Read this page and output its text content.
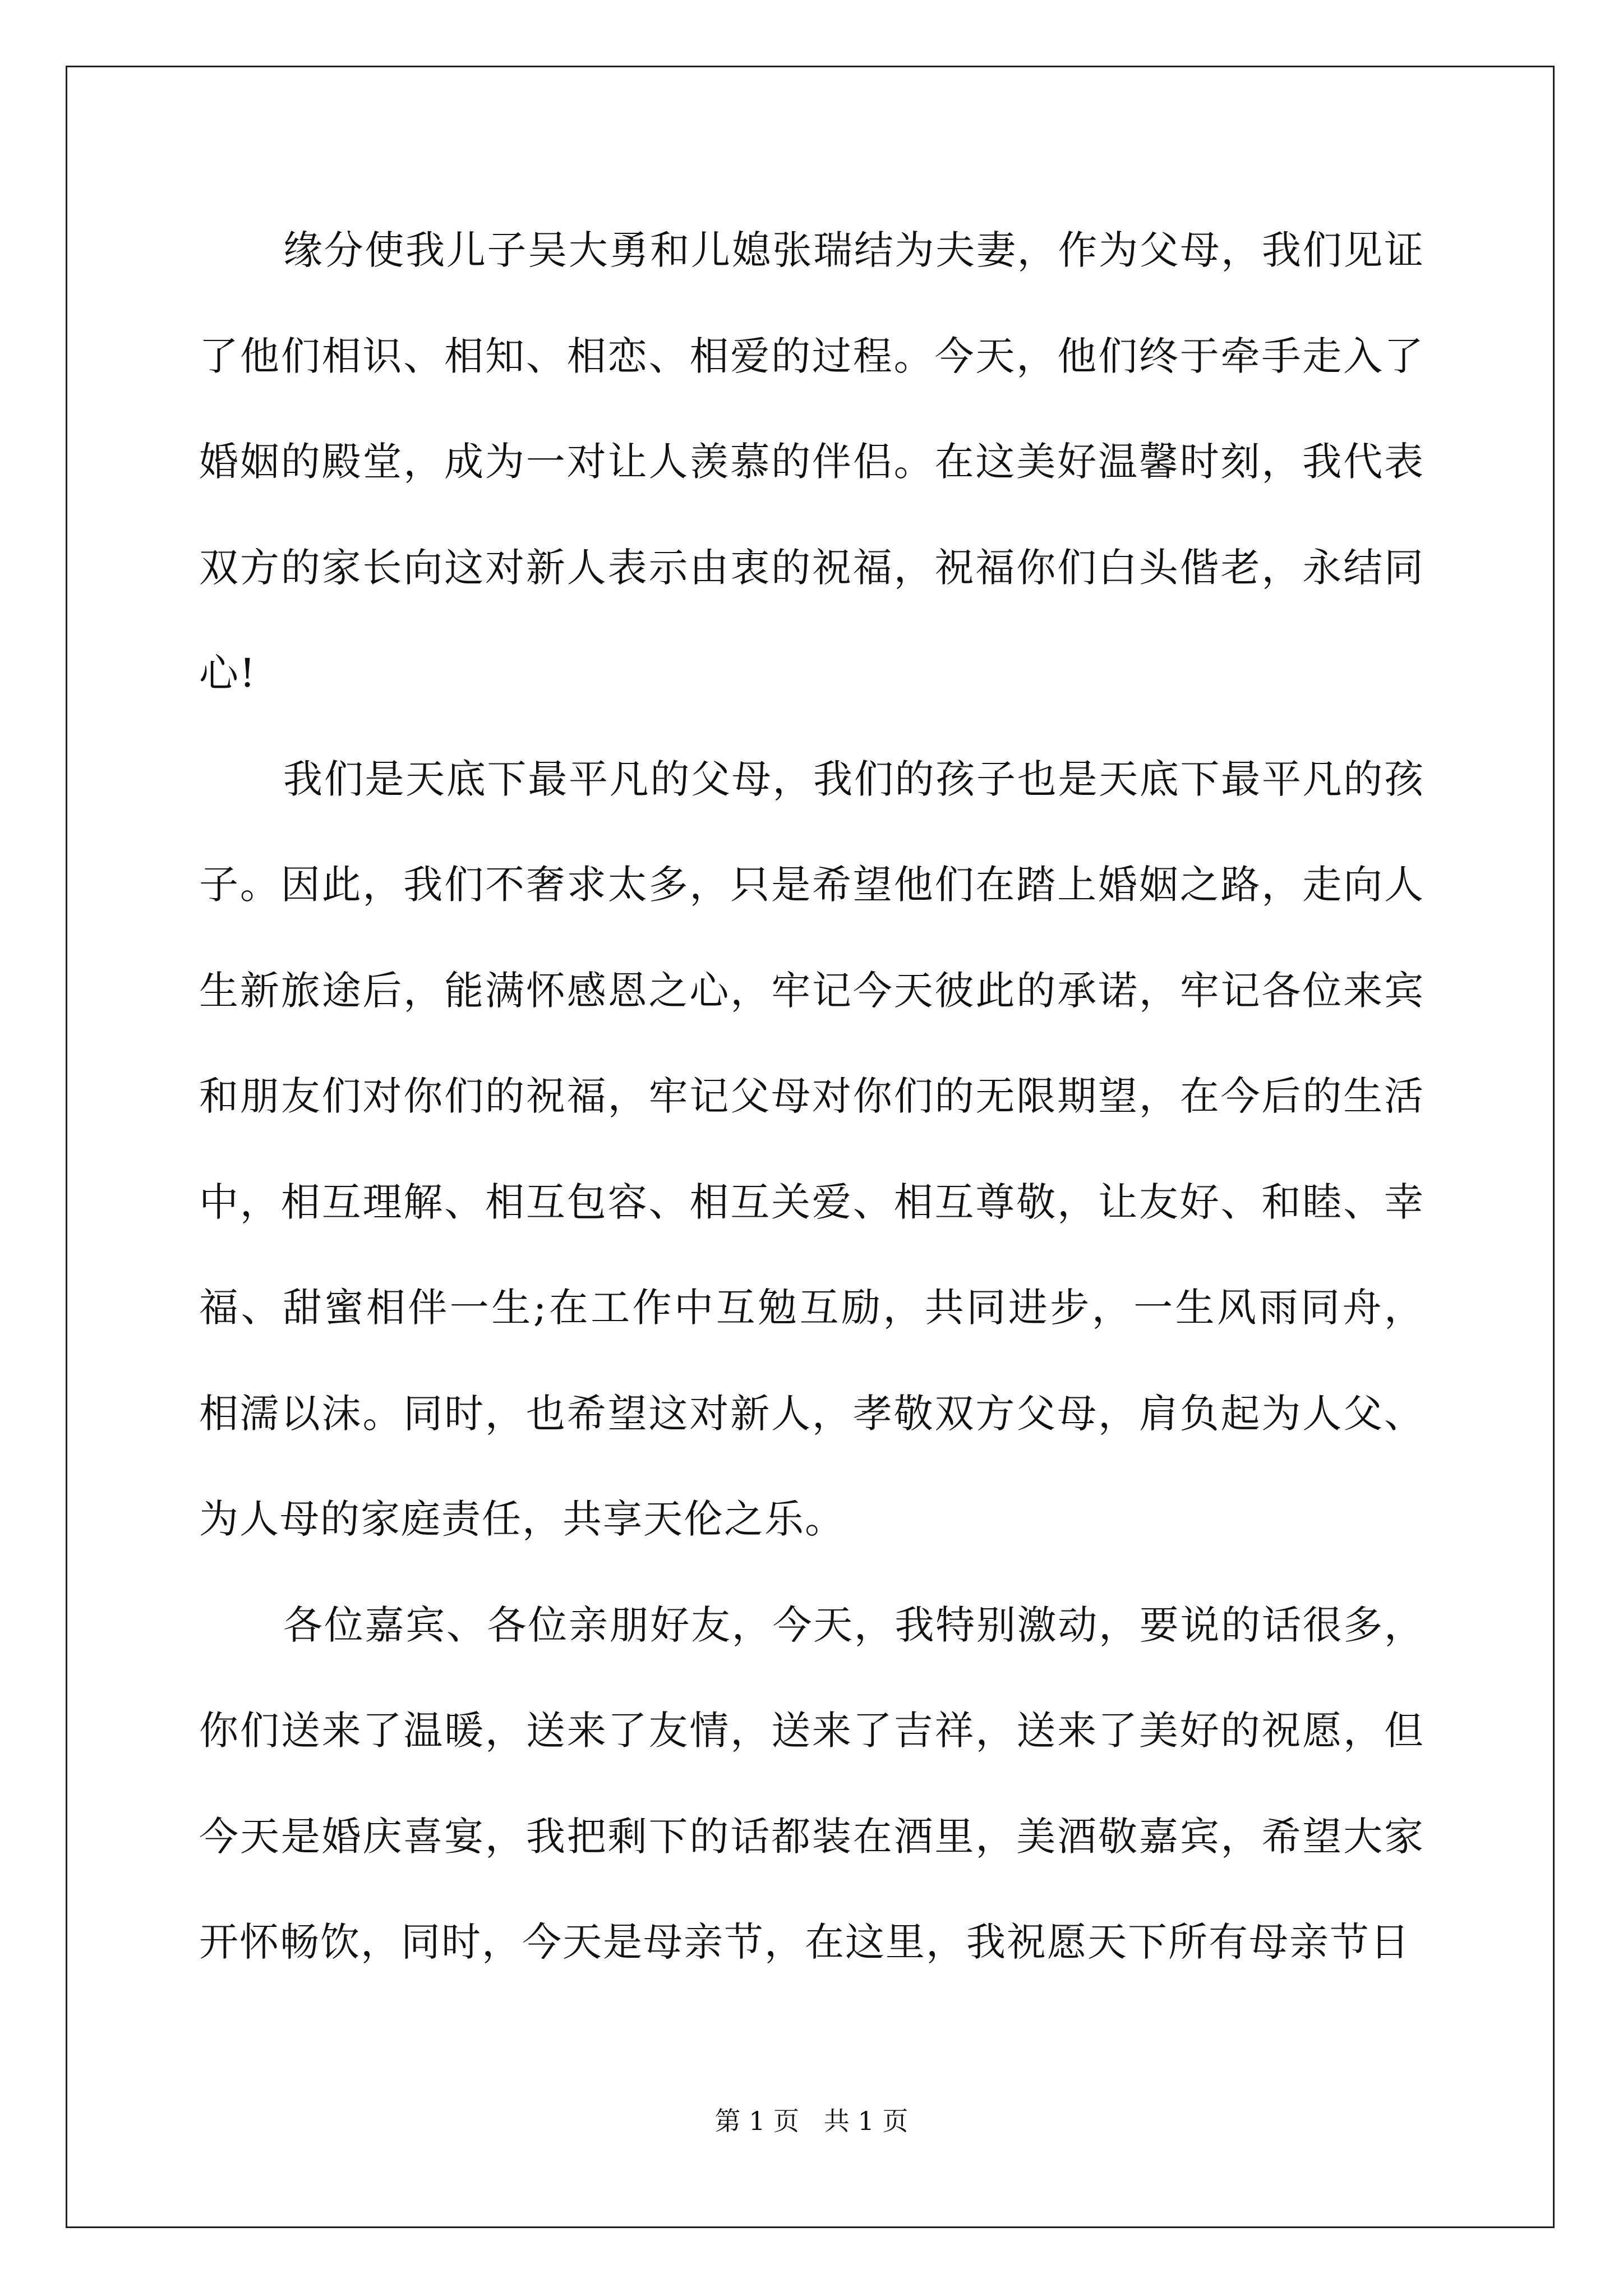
缘分使我儿子吴大勇和儿媳张瑞结为夫妻，作为父母，我们见证了他们相识、相知、相恋、相爱的过程。今天，他们终于牵手走入了婚姻的殿堂，成为一对让人羡慕的伴侣。在这美好温馨时刻，我代表双方的家长向这对新人表示由衷的祝福，祝福你们白头偕老，永结同心!

我们是天底下最平凡的父母，我们的孩子也是天底下最平凡的孩子。因此，我们不奢求太多，只是希望他们在踏上婚姻之路，走向人生新旅途后，能满怀感恩之心，牢记今天彼此的承诺，牢记各位来宾和朋友们对你们的祝福，牢记父母对你们的无限期望，在今后的生活中，相互理解、相互包容、相互关爱、相互尊敬，让友好、和睦、幸福、甜蜜相伴一生;在工作中互勉互励，共同进步，一生风雨同舟，相濡以沫。同时，也希望这对新人，孝敬双方父母，肩负起为人父、为人母的家庭责任，共享天伦之乐。

各位嘉宾、各位亲朋好友，今天，我特别激动，要说的话很多，你们送来了温暖，送来了友情，送来了吉祥，送来了美好的祝愿，但今天是婚庆喜宴，我把剩下的话都装在酒里，美酒敬嘉宾，希望大家开怀畅饮，同时，今天是母亲节，在这里，我祝愿天下所有母亲节日

第 1 页   共 1 页
